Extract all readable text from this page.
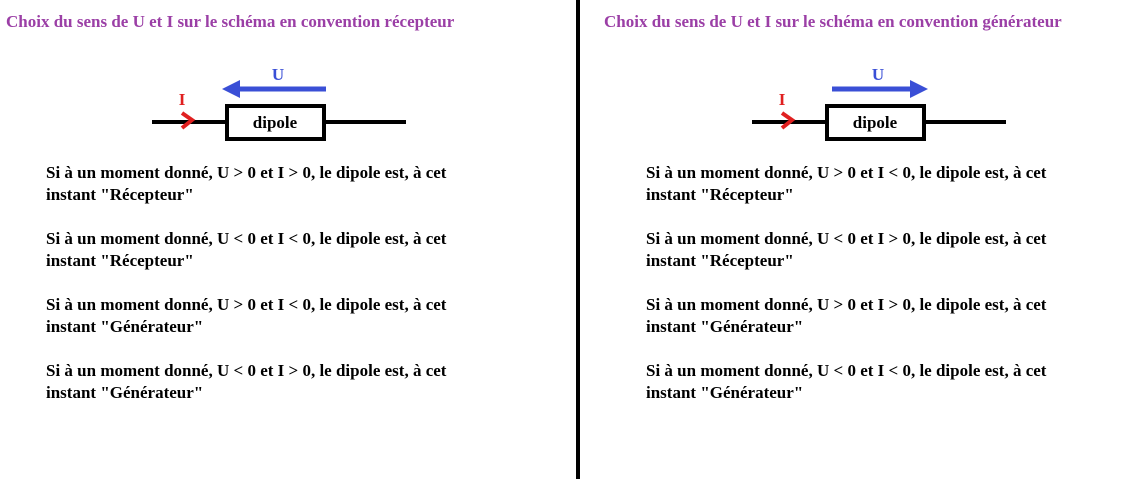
Choix du sens de U et I sur le schéma en convention récepteur
U
I
dipole
Si à un moment donné, U > 0 et I > 0, le dipole est, à cet
instant "Récepteur"
Si à un moment donné, U < 0 et I < 0, le dipole est, à cet
instant "Récepteur"
Si à un moment donné, U > 0 et I < 0, le dipole est, à cet
instant "Générateur"
Si à un moment donné, U < 0 et I > 0, le dipole est, à cet
instant "Générateur"
Choix du sens de U et I sur le schéma en convention générateur
U
I
dipole
Si à un moment donné, U > 0 et I < 0, le dipole est, à cet
instant "Récepteur"
Si à un moment donné, U < 0 et I > 0, le dipole est, à cet
instant "Récepteur"
Si à un moment donné, U > 0 et I > 0, le dipole est, à cet
instant "Générateur"
Si à un moment donné, U < 0 et I < 0, le dipole est, à cet
instant "Générateur"
